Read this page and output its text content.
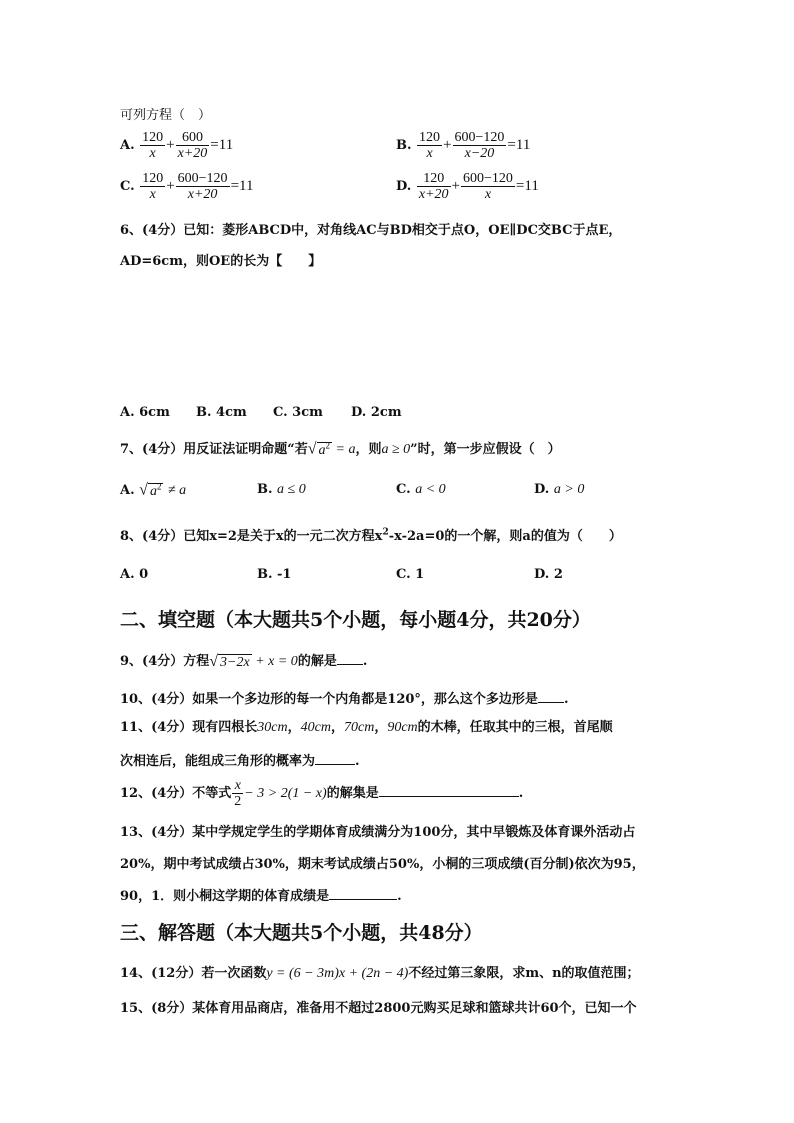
可列方程（　）
A. $\frac{120}{x} + \frac{600}{x+20} =11$	B. $\frac{120}{x} + \frac{600-120}{x-20} =11$
C. $\frac{120}{x} + \frac{600-120}{x+20} =11$	D. $\frac{120}{x+20} + \frac{600-120}{x} =11$
6、(4分）已知：菱形ABCD中，对角线AC与BD相交于点O，OE∥DC交BC于点E，
AD=6cm，则OE的长为【　　】
A. 6cm B. 4cm C. 3cm D. 2cm
7、(4分）用反证法证明命题“若√ $a^2 = a$，则a ≥ 0”时，第一步应假设（　）
A. √ $a^2 \ne a$	B. a ≤ 0	C. a < 0	D. a > 0
8、(4分）已知x=2是关于x的一元二次方程$x^2-x-2a=0$的一个解，则a的值为（　　）
A. 0	B. -1	C. 1	D. 2
二、填空题（本大题共5个小题，每小题4分，共20分）
9、(4分）方程√ 3−2x + x = 0的解是 .
10、(4分）如果一个多边形的每一个内角都是120°，那么这个多边形是 .
11、(4分）现有四根长30cm，40cm，70cm，90cm的木棒，任取其中的三根，首尾顺
次相连后，能组成三角形的概率为	.
12、(4分）不等式 $\frac{x}{2} - 3 > 2(1 - x)$的解集是	.
13、(4分）某中学规定学生的学期体育成绩满分为100分，其中早锻炼及体育课外活动占
20%，期中考试成绩占30%，期末考试成绩占50%，小桐的三项成绩(百分制)依次为95，
90，1．则小桐这学期的体育成绩是	.
三、解答题（本大题共5个小题，共48分）
14、(12分）若一次函数y = (6 − 3m)x + (2n − 4)不经过第三象限，求m、n的取值范围；
15、(8分）某体育用品商店，准备用不超过2800元购买足球和篮球共计60个，已知一个
